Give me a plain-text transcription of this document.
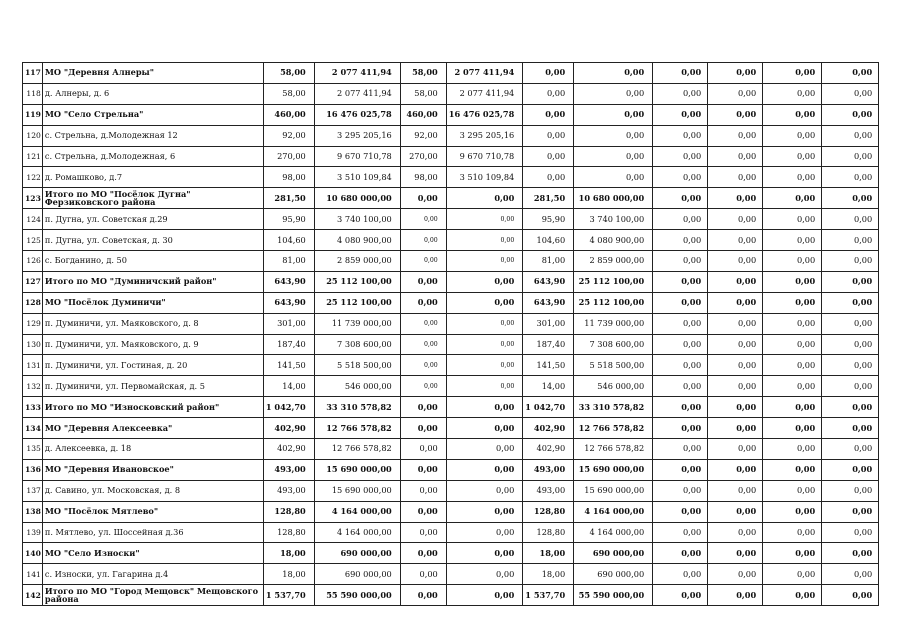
117	МО "Деревня Алнеры"	58,00	2 077 411,94	58,00	2 077 411,94	0,00	0,00	0,00	0,00	0,00	0,00
118	д. Алнеры, д. 6	58,00	2 077 411,94	58,00	2 077 411,94	0,00	0,00	0,00	0,00	0,00	0,00
119	МО "Село Стрельна"	460,00	16 476 025,78	460,00	16 476 025,78	0,00	0,00	0,00	0,00	0,00	0,00
120	с. Стрельна, д.Молодежная 12	92,00	3 295 205,16	92,00	3 295 205,16	0,00	0,00	0,00	0,00	0,00	0,00
121	с. Стрельна, д.Молодежная, 6	270,00	9 670 710,78	270,00	9 670 710,78	0,00	0,00	0,00	0,00	0,00	0,00
122	д. Ромашково, д.7	98,00	3 510 109,84	98,00	3 510 109,84	0,00	0,00	0,00	0,00	0,00	0,00
123	Итого по МО "Посёлок Дугна" Ферзиковского района	281,50	10 680 000,00	0,00	0,00	281,50	10 680 000,00	0,00	0,00	0,00	0,00
124	п. Дугна, ул. Советская д.29	95,90	3 740 100,00	0,00	0,00	95,90	3 740 100,00	0,00	0,00	0,00	0,00
125	п. Дугна, ул. Советская, д. 30	104,60	4 080 900,00	0,00	0,00	104,60	4 080 900,00	0,00	0,00	0,00	0,00
126	с. Богданино, д. 50	81,00	2 859 000,00	0,00	0,00	81,00	2 859 000,00	0,00	0,00	0,00	0,00
127	Итого по МО "Думиничский район"	643,90	25 112 100,00	0,00	0,00	643,90	25 112 100,00	0,00	0,00	0,00	0,00
128	МО "Посёлок Думиничи"	643,90	25 112 100,00	0,00	0,00	643,90	25 112 100,00	0,00	0,00	0,00	0,00
129	п. Думиничи, ул. Маяковского, д. 8	301,00	11 739 000,00	0,00	0,00	301,00	11 739 000,00	0,00	0,00	0,00	0,00
130	п. Думиничи, ул. Маяковского, д. 9	187,40	7 308 600,00	0,00	0,00	187,40	7 308 600,00	0,00	0,00	0,00	0,00
131	п. Думиничи, ул. Гостиная, д. 20	141,50	5 518 500,00	0,00	0,00	141,50	5 518 500,00	0,00	0,00	0,00	0,00
132	п. Думиничи, ул. Первомайская, д. 5	14,00	546 000,00	0,00	0,00	14,00	546 000,00	0,00	0,00	0,00	0,00
133	Итого по МО "Износковский район"	1 042,70	33 310 578,82	0,00	0,00	1 042,70	33 310 578,82	0,00	0,00	0,00	0,00
134	МО "Деревня Алексеевка"	402,90	12 766 578,82	0,00	0,00	402,90	12 766 578,82	0,00	0,00	0,00	0,00
135	д. Алексеевка, д. 18	402,90	12 766 578,82	0,00	0,00	402,90	12 766 578,82	0,00	0,00	0,00	0,00
136	МО "Деревня Ивановское"	493,00	15 690 000,00	0,00	0,00	493,00	15 690 000,00	0,00	0,00	0,00	0,00
137	д. Савино, ул. Московская, д. 8	493,00	15 690 000,00	0,00	0,00	493,00	15 690 000,00	0,00	0,00	0,00	0,00
138	МО "Посёлок Мятлево"	128,80	4 164 000,00	0,00	0,00	128,80	4 164 000,00	0,00	0,00	0,00	0,00
139	п. Мятлево, ул. Шоссейная д.36	128,80	4 164 000,00	0,00	0,00	128,80	4 164 000,00	0,00	0,00	0,00	0,00
140	МО "Село Износки"	18,00	690 000,00	0,00	0,00	18,00	690 000,00	0,00	0,00	0,00	0,00
141	с. Износки, ул. Гагарина д.4	18,00	690 000,00	0,00	0,00	18,00	690 000,00	0,00	0,00	0,00	0,00
142	Итого по МО "Город Мещовск" Мещовского района	1 537,70	55 590 000,00	0,00	0,00	1 537,70	55 590 000,00	0,00	0,00	0,00	0,00
